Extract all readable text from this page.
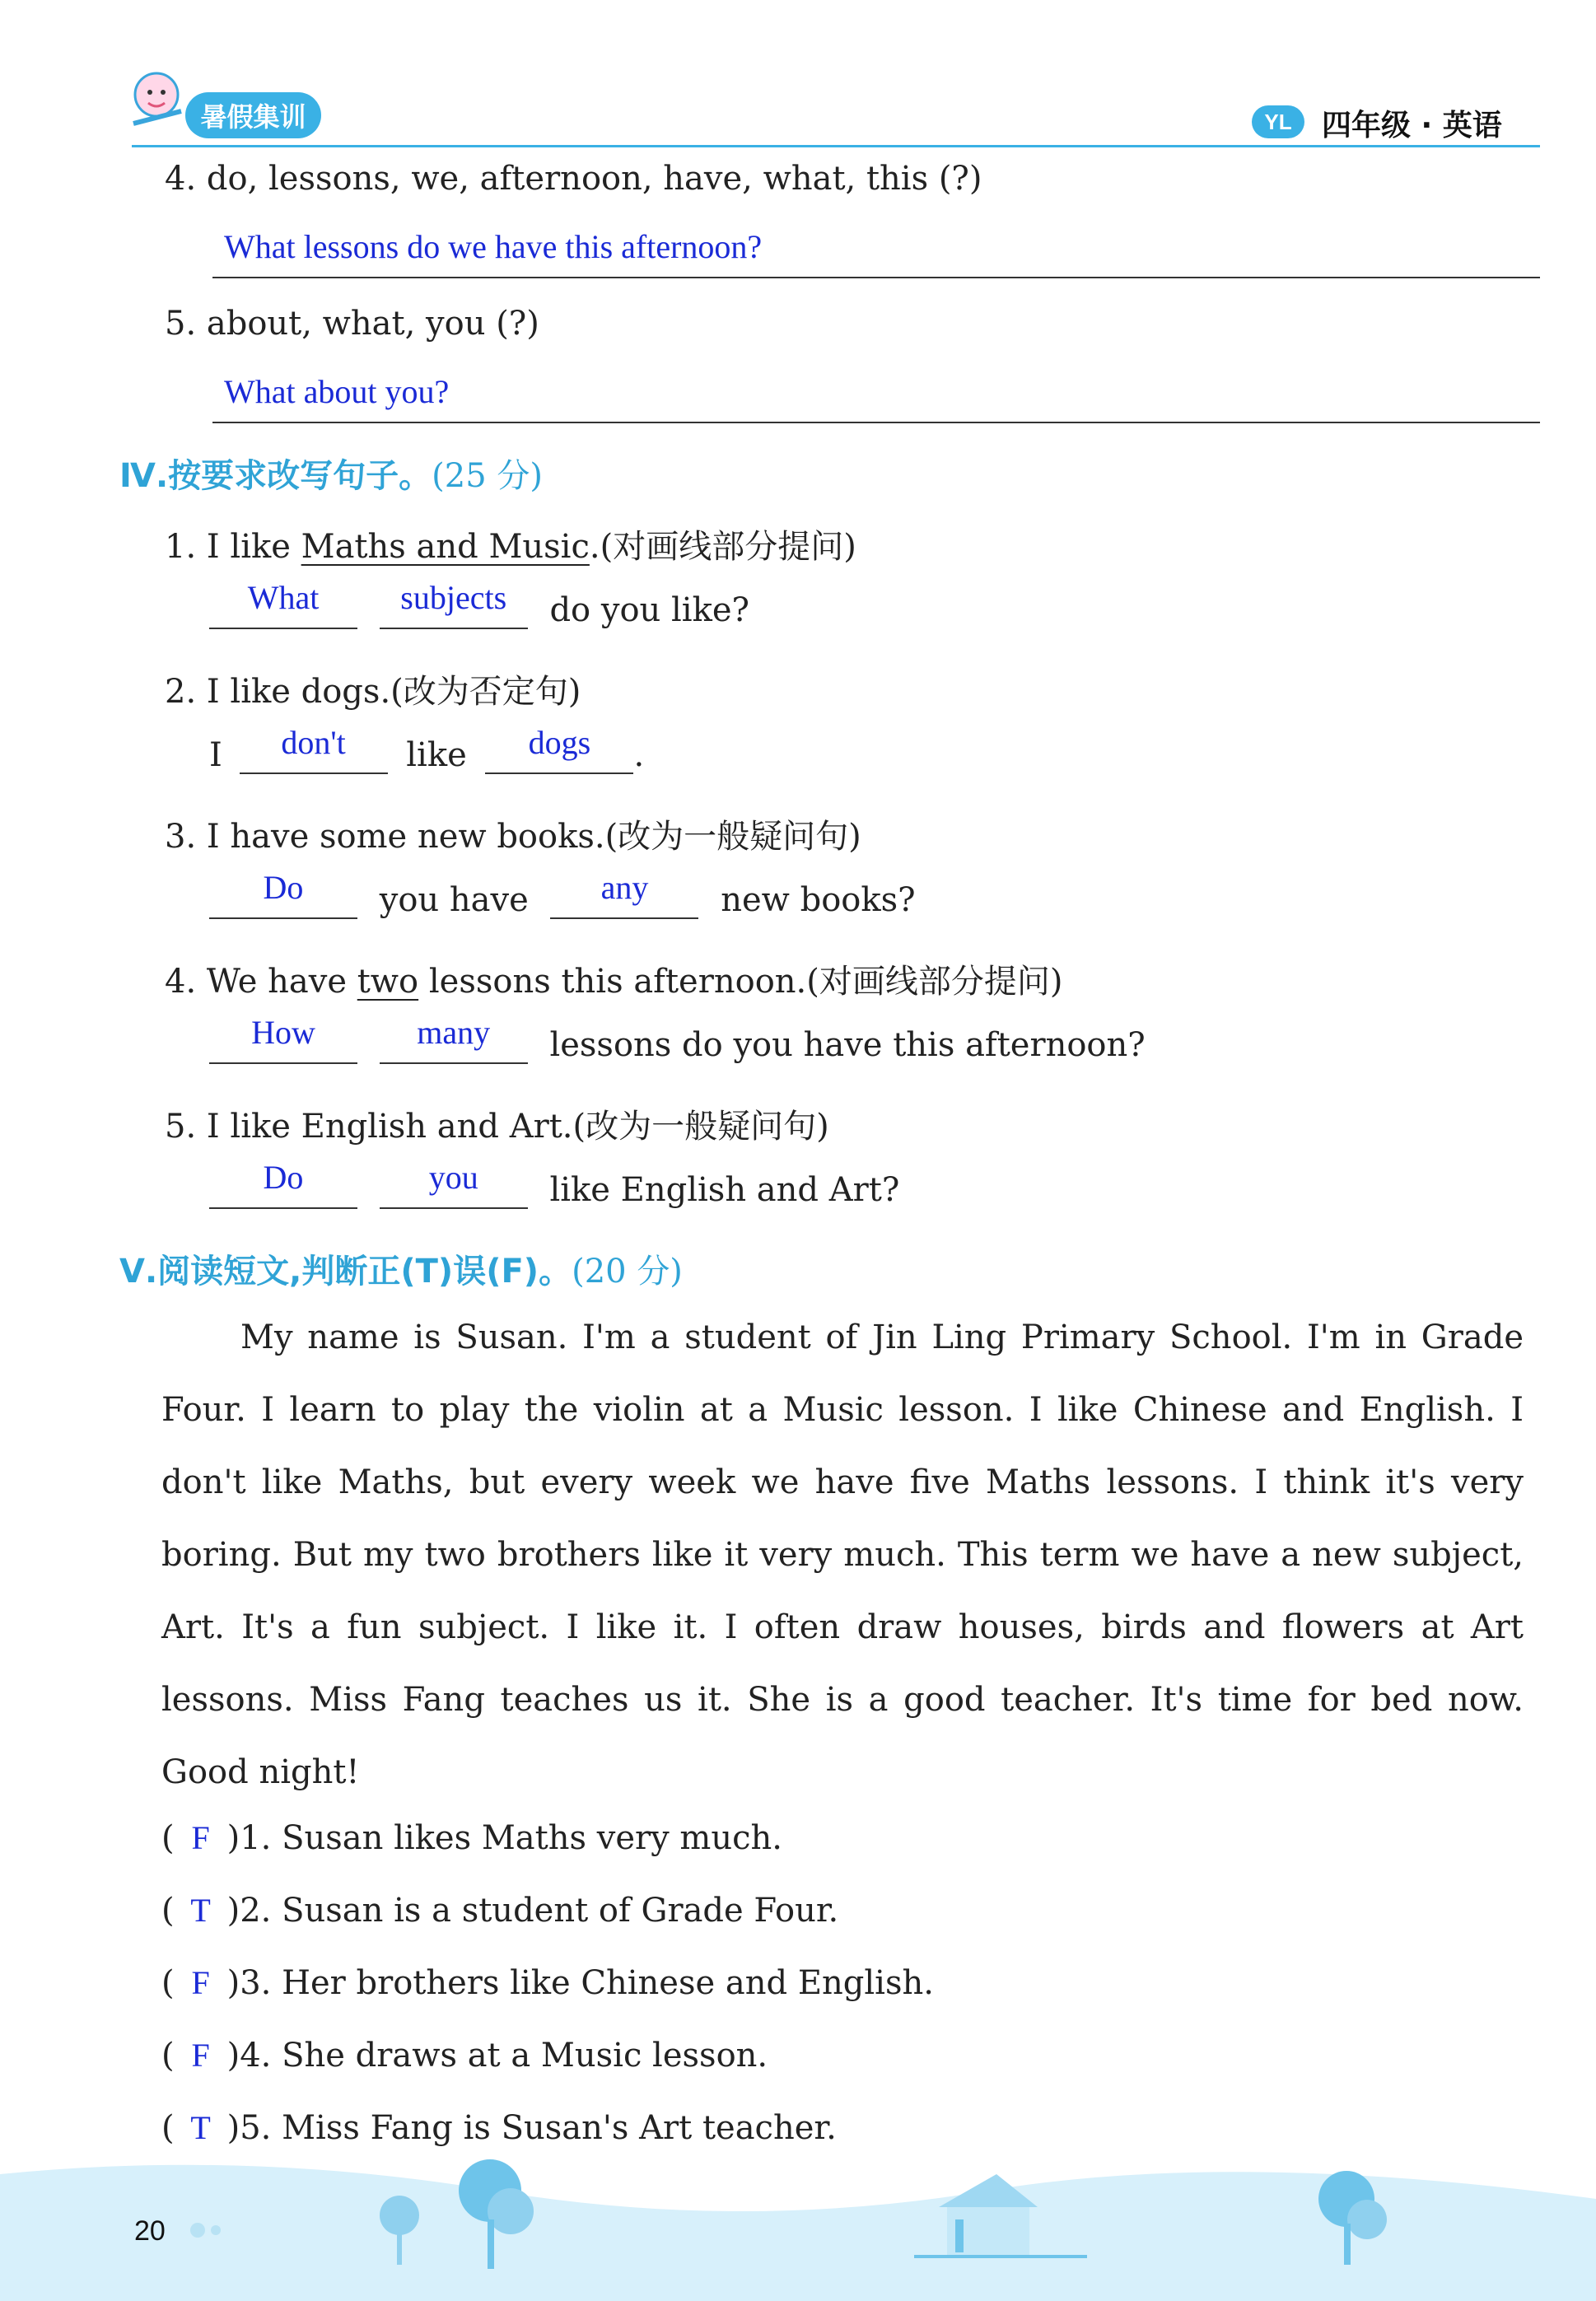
暑假集训	YL 四年级 · 英语
4. do, lessons, we, afternoon, have, what, this (?)
What lessons do we have this afternoon?
5. about, what, you (?)
What about you?
Ⅳ.按要求改写句子。(25 分)
1. I like Maths and Music.(对画线部分提问)
What subjects do you like?
2. I like dogs.(改为否定句)
I don't like dogs .
3. I have some new books.(改为一般疑问句)
Do you have any new books?
4. We have two lessons this afternoon.(对画线部分提问)
How	many lessons do you have this afternoon?
5. I like English and Art.(改为一般疑问句)
Do	you like English and Art?
Ⅴ.阅读短文,判断正(T)误(F)。(20 分)

My name is Susan. I'm a student of Jin Ling Primary School. I'm in Grade Four. I learn to play the violin at a Music lesson. I like Chinese and English. I don't like Maths, but every week we have five Maths lessons. I think it's very boring. But my two brothers like it very much. This term we have a new subject, Art. It's a fun subject. I like it. I often draw houses, birds and flowers at Art lessons. Miss Fang teaches us it. She is a good teacher. It's time for bed now. Good night!

( F )1. Susan likes Maths very much.
( T )2. Susan is a student of Grade Four.
( F )3. Her brothers like Chinese and English.
( F )4. She draws at a Music lesson.
( T )5. Miss Fang is Susan's Art teacher.
20
